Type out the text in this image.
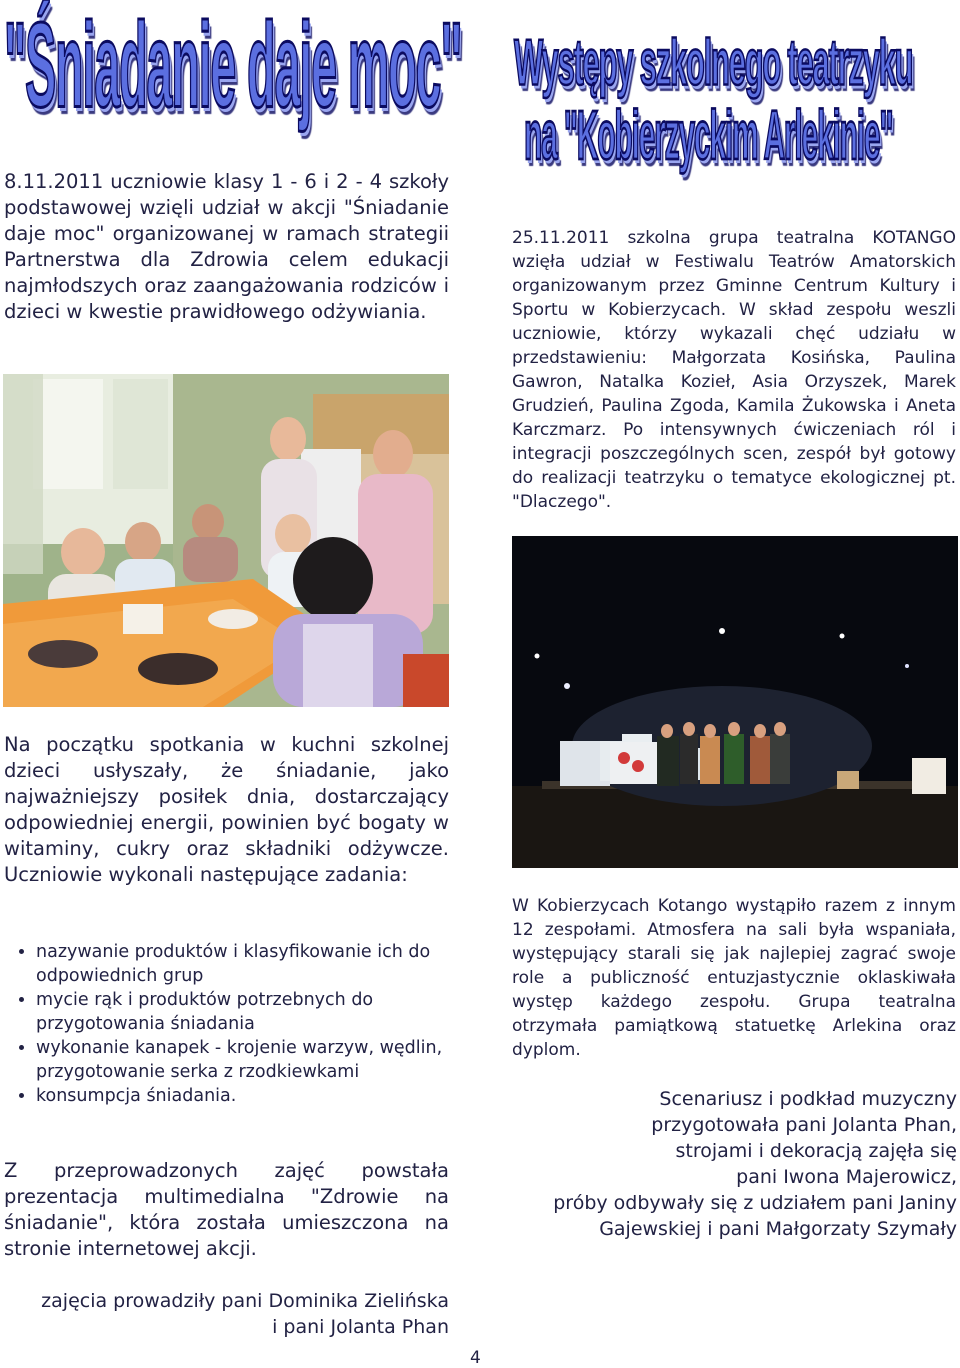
"Śniadanie daje moc" Występy szkolnego teatrzyku
na "Kobierzyckim Arlekinie"

8.11.2011 uczniowie klasy 1 - 6 i 2 - 4 szkoły podstawowej wzięli udział w akcji "Śniadanie daje moc" organizowanej w ramach strategii Partnerstwa dla Zdrowia celem edukacji najmłodszych oraz zaangażowania rodziców i dzieci w kwestie prawidłowego odżywiania.

Na początku spotkania w kuchni szkolnej dzieci usłyszały, że śniadanie, jako najważniejszy posiłek dnia, dostarczający odpowiedniej energii, powinien być bogaty w witaminy, cukry oraz składniki odżywcze. Uczniowie wykonali następujące zadania:

• nazywanie produktów i klasyfikowanie ich do odpowiednich grup
• mycie rąk i produktów potrzebnych do przygotowania śniadania
• wykonanie kanapek - krojenie warzyw, wędlin, przygotowanie serka z rzodkiewkami
• konsumpcja śniadania.

Z przeprowadzonych zajęć powstała prezentacja multimedialna "Zdrowie na śniadanie", która została umieszczona na stronie internetowej akcji.

zajęcia prowadziły pani Dominika Zielińska
i pani Jolanta Phan

25.11.2011 szkolna grupa teatralna KOTANGO wzięła udział w Festiwalu Teatrów Amatorskich organizowanym przez Gminne Centrum Kultury i Sportu w Kobierzycach. W skład zespołu weszli uczniowie, którzy wykazali chęć udziału w przedstawieniu: Małgorzata Kosińska, Paulina Gawron, Natalka Kozieł, Asia Orzyszek, Marek Grudzień, Paulina Zgoda, Kamila Żukowska i Aneta Karczmarz. Po intensywnych ćwiczeniach ról i integracji poszczególnych scen, zespół był gotowy do realizacji teatrzyku o tematyce ekologicznej pt. "Dlaczego".

W Kobierzycach Kotango wystąpiło razem z innym 12 zespołami. Atmosfera na sali była wspaniała, występujący starali się jak najlepiej zagrać swoje role a publiczność entuzjastycznie oklaskiwała występ każdego zespołu. Grupa teatralna otrzymała pamiątkową statuetkę Arlekina oraz dyplom.

Scenariusz i podkład muzyczny
przygotowała pani Jolanta Phan,
strojami i dekoracją zajęła się
pani Iwona Majerowicz,
próby odbywały się z udziałem pani Janiny
Gajewskiej i pani Małgorzaty Szymały
4
